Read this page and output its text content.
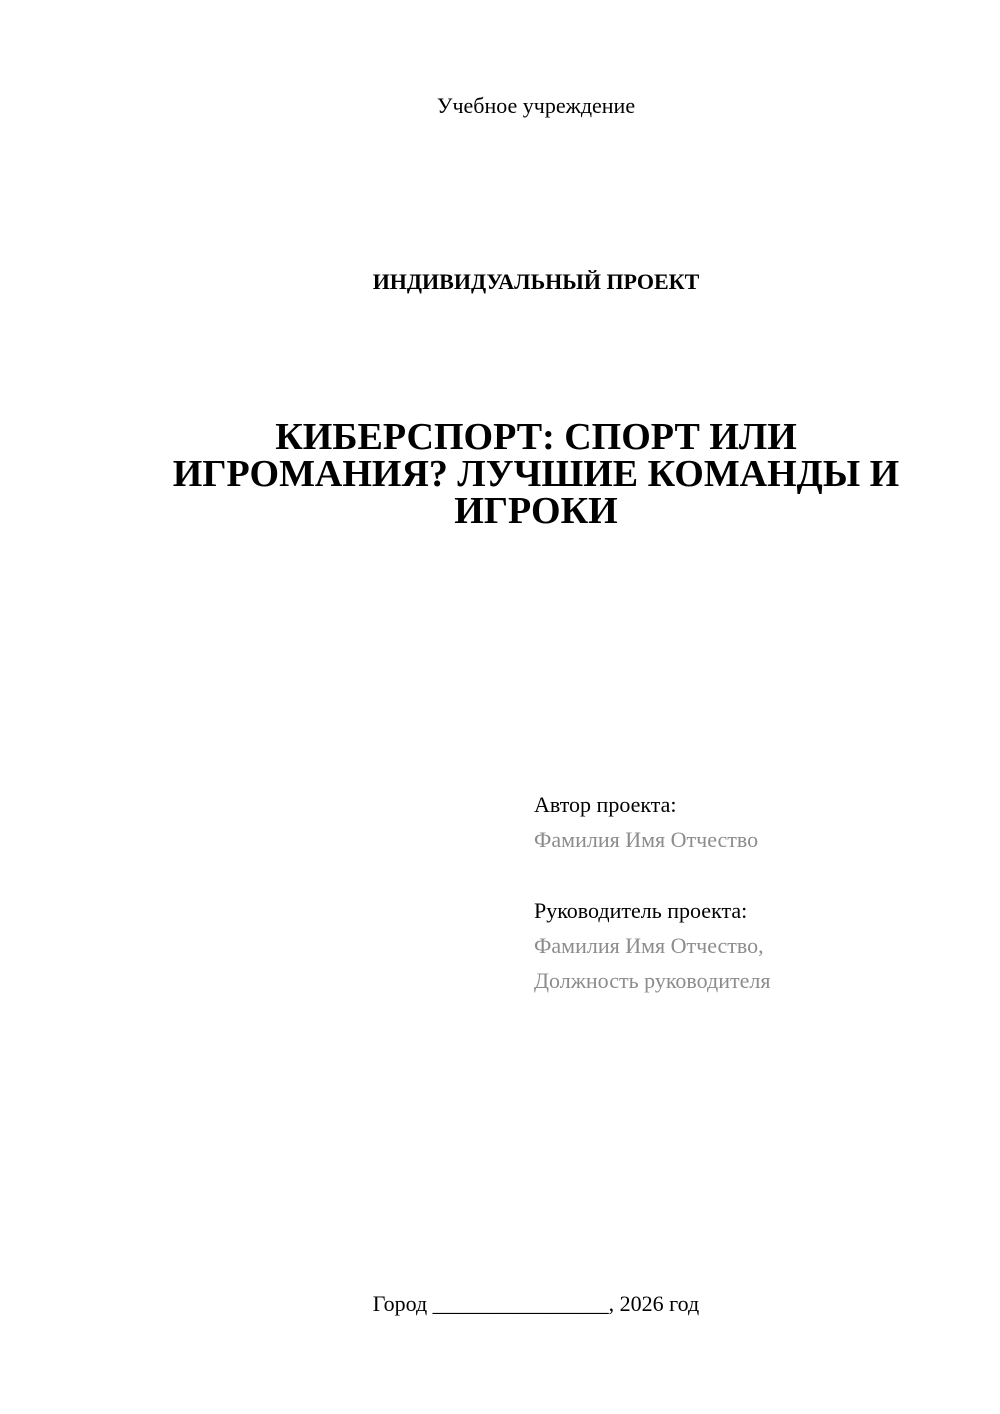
Учебное учреждение
ИНДИВИДУАЛЬНЫЙ ПРОЕКТ
КИБЕРСПОРТ: СПОРТ ИЛИ
ИГРОМАНИЯ? ЛУЧШИЕ КОМАНДЫ И
ИГРОКИ
Автор проекта:
Фамилия Имя Отчество
Руководитель проекта:
Фамилия Имя Отчество,
Должность руководителя
Город ________________, 2026 год
